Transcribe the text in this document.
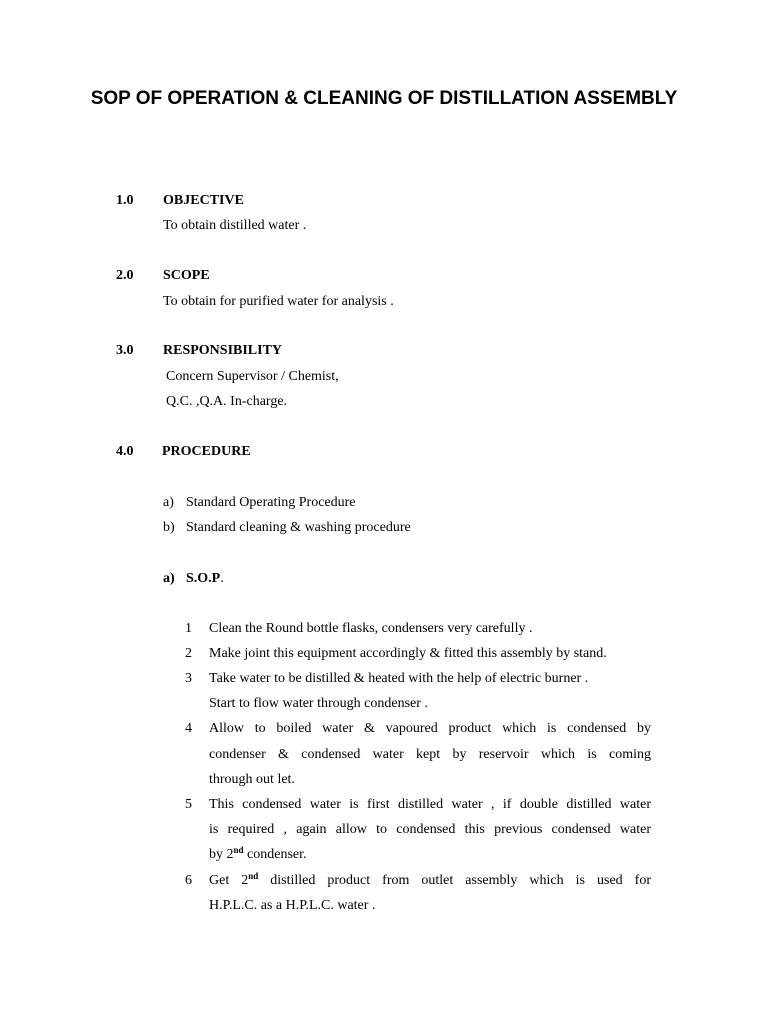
SOP OF OPERATION & CLEANING OF DISTILLATION ASSEMBLY
1.0 OBJECTIVE
To obtain distilled water .
2.0 SCOPE
To obtain for purified water for analysis .
3.0 RESPONSIBILITY
Concern Supervisor / Chemist,
Q.C. ,Q.A. In-charge.
4.0 PROCEDURE
a) Standard Operating Procedure
b) Standard cleaning & washing procedure
a) S.O.P.
1 Clean the Round bottle flasks, condensers very carefully .
2 Make joint this equipment accordingly & fitted this assembly by stand.
3 Take water to be distilled & heated with the help of electric burner .
Start to flow water through condenser .
4 Allow to boiled water & vapoured product which is condensed by
condenser & condensed water kept by reservoir which is coming
through out let.
5 This condensed water is first distilled water , if double distilled water
is required , again allow to condensed this previous condensed water
by 2nd condenser.
6 Get 2nd distilled product from outlet assembly which is used for
H.P.L.C. as a H.P.L.C. water .
